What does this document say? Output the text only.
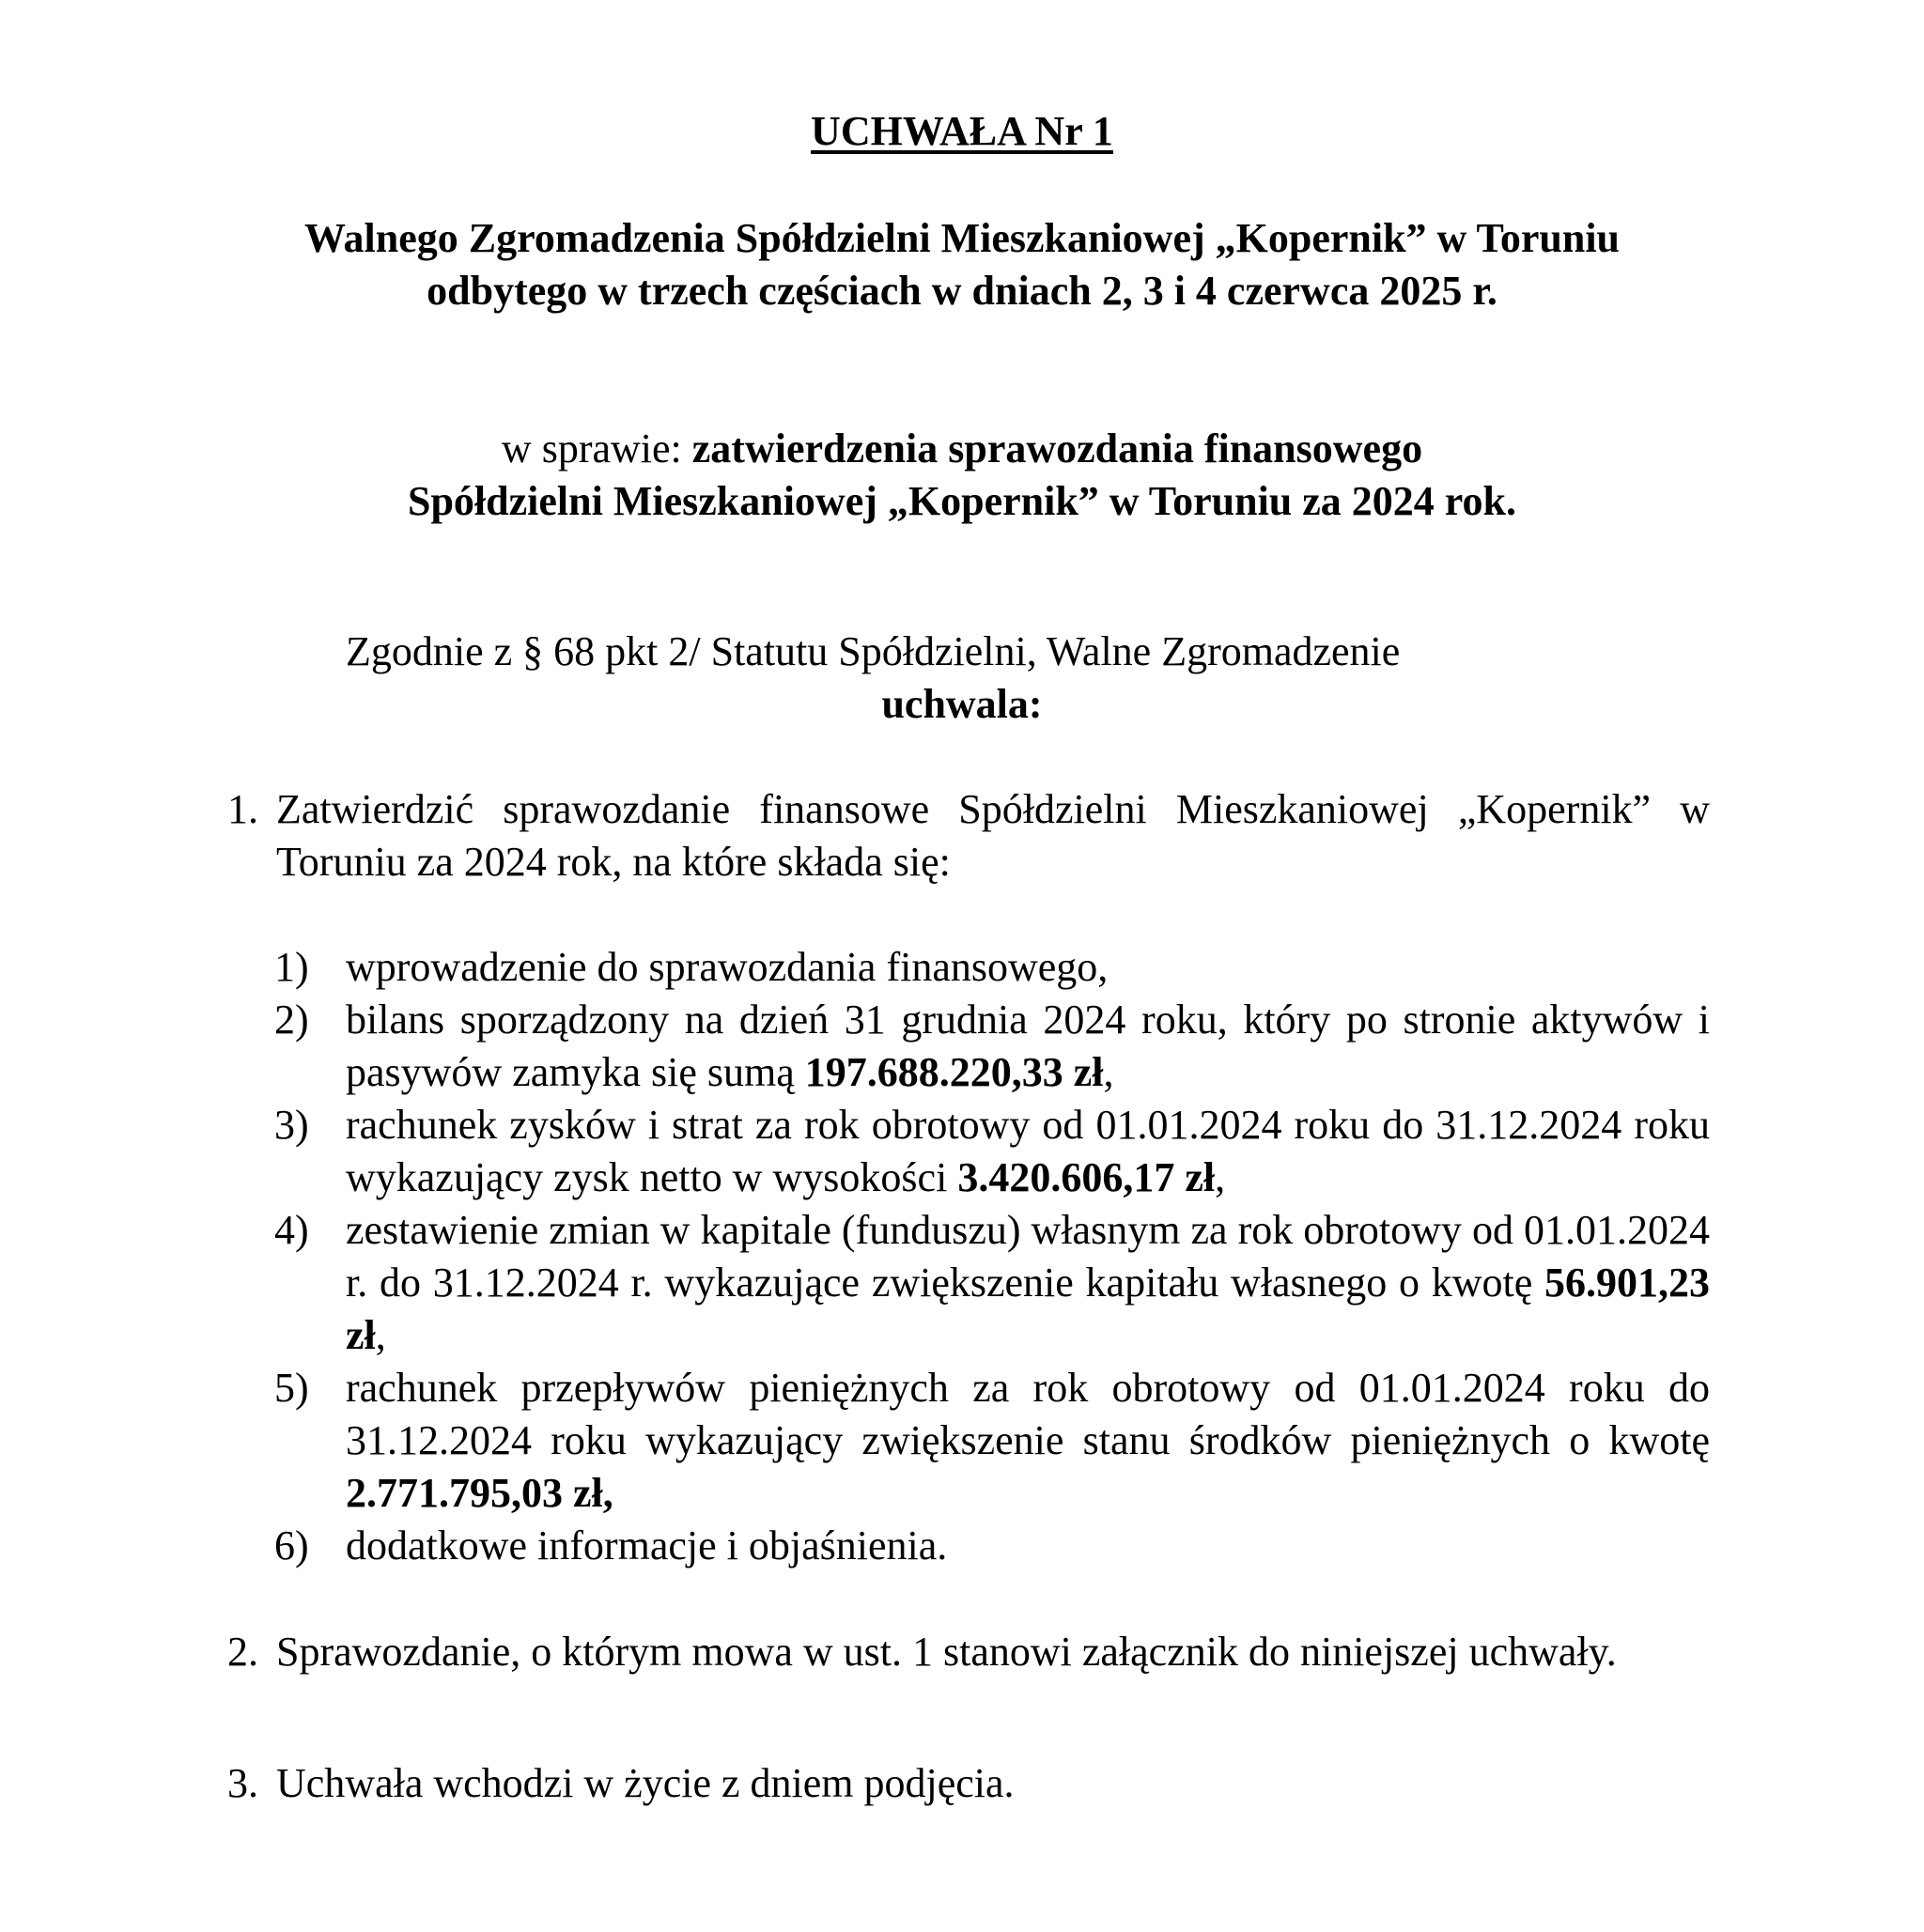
UCHWAŁA Nr 1
Walnego Zgromadzenia Spółdzielni Mieszkaniowej „Kopernik” w Toruniu
odbytego w trzech częściach w dniach 2, 3 i 4 czerwca 2025 r.
w sprawie: zatwierdzenia sprawozdania finansowego
Spółdzielni Mieszkaniowej „Kopernik” w Toruniu za 2024 rok.
Zgodnie z § 68 pkt 2/ Statutu Spółdzielni, Walne Zgromadzenie
uchwala:
1. Zatwierdzić sprawozdanie finansowe Spółdzielni Mieszkaniowej „Kopernik” w Toruniu za 2024 rok, na które składa się:
1) wprowadzenie do sprawozdania finansowego,
2) bilans sporządzony na dzień 31 grudnia 2024 roku, który po stronie aktywów i pasywów zamyka się sumą 197.688.220,33 zł,
3) rachunek zysków i strat za rok obrotowy od 01.01.2024 roku do 31.12.2024 roku wykazujący zysk netto w wysokości 3.420.606,17 zł,
4) zestawienie zmian w kapitale (funduszu) własnym za rok obrotowy od 01.01.2024 r. do 31.12.2024 r. wykazujące zwiększenie kapitału własnego o kwotę 56.901,23 zł,
5) rachunek przepływów pieniężnych za rok obrotowy od 01.01.2024 roku do 31.12.2024 roku wykazujący zwiększenie stanu środków pieniężnych o kwotę 2.771.795,03 zł,
6) dodatkowe informacje i objaśnienia.
2. Sprawozdanie, o którym mowa w ust. 1 stanowi załącznik do niniejszej uchwały.
3. Uchwała wchodzi w życie z dniem podjęcia.
